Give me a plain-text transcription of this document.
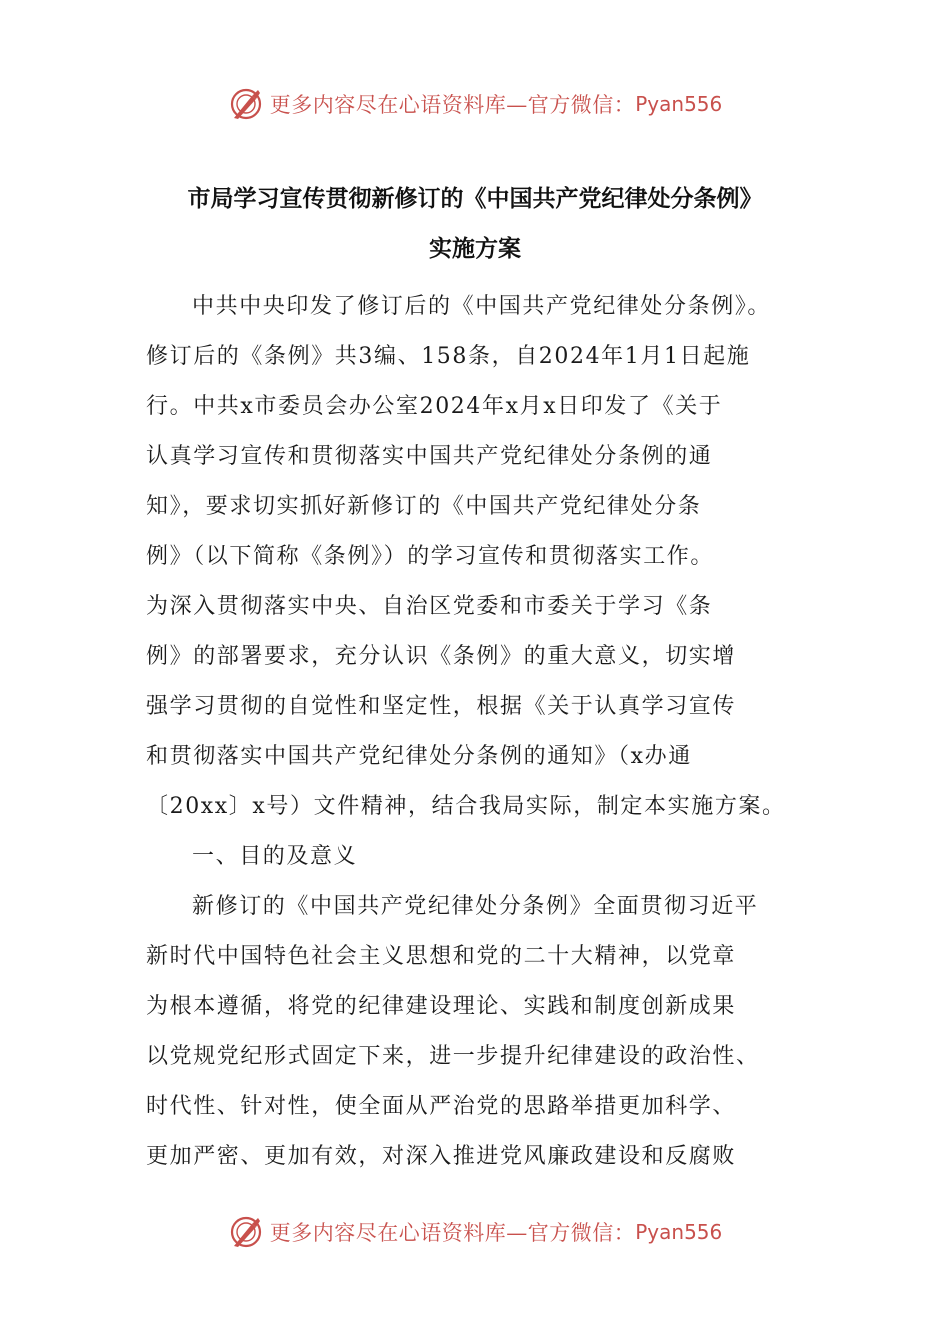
更多内容尽在心语资料库—官方微信： Pyan556
市局学习宣传贯彻新修订的《中国共产党纪律处分条例》
实施方案
中共中央印发了修订后的《中国共产党纪律处分条例》。
修订后的《条例》共3编、158条，自2024年1月1日起施
行。中共x市委员会办公室2024年x月x日印发了《关于
认真学习宣传和贯彻落实中国共产党纪律处分条例的通
知》，要求切实抓好新修订的《中国共产党纪律处分条
例》（以下简称《条例》）的学习宣传和贯彻落实工作。
为深入贯彻落实中央、自治区党委和市委关于学习《条
例》的部署要求，充分认识《条例》的重大意义，切实增
强学习贯彻的自觉性和坚定性，根据《关于认真学习宣传
和贯彻落实中国共产党纪律处分条例的通知》（x办通
〔20xx〕x号）文件精神，结合我局实际，制定本实施方案。
一、目的及意义
新修订的《中国共产党纪律处分条例》全面贯彻习近平
新时代中国特色社会主义思想和党的二十大精神，以党章
为根本遵循，将党的纪律建设理论、实践和制度创新成果
以党规党纪形式固定下来，进一步提升纪律建设的政治性、
时代性、针对性，使全面从严治党的思路举措更加科学、
更加严密、更加有效，对深入推进党风廉政建设和反腐败
更多内容尽在心语资料库—官方微信： Pyan556
